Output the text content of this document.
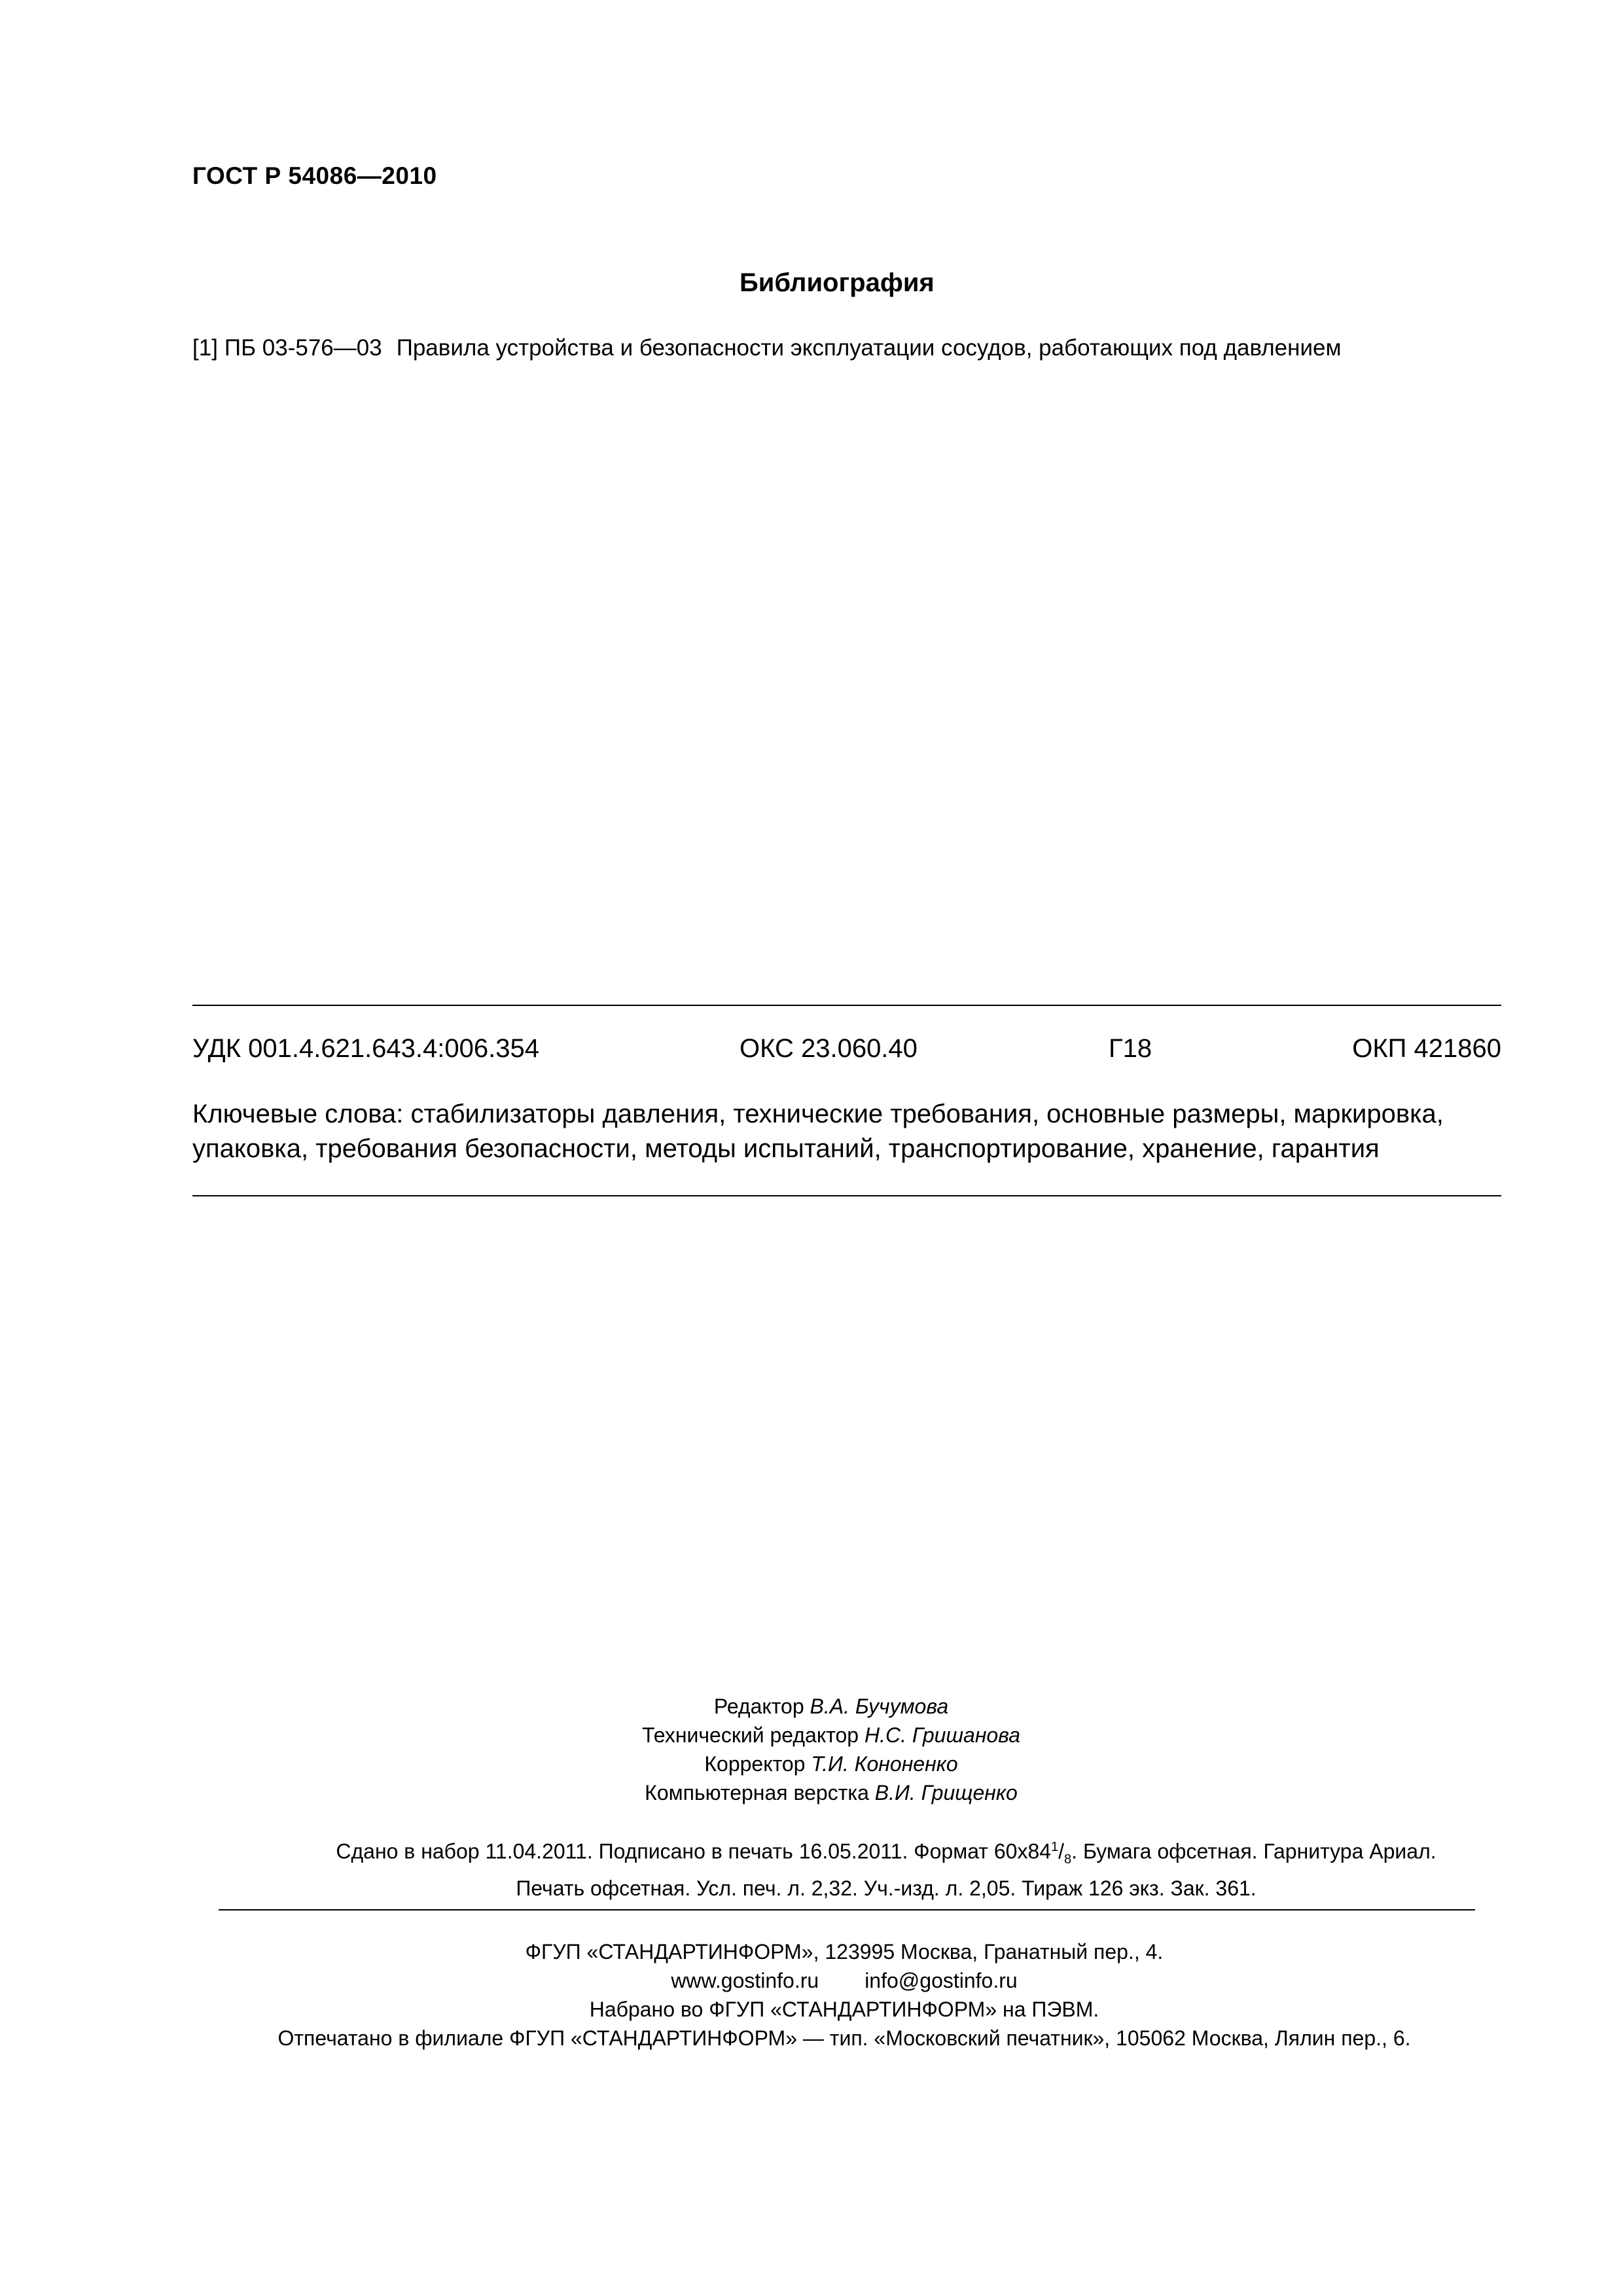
ГОСТ Р 54086—2010
Библиография
[1] ПБ 03-576—03 Правила устройства и безопасности эксплуатации сосудов, работающих под давлением
УДК 001.4.621.643.4:006.354	ОКС 23.060.40	Г18	ОКП 421860
Ключевые слова: стабилизаторы давления, технические требования, основные размеры, маркировка, упаковка, требования безопасности, методы испытаний, транспортирование, хранение, гарантия
Редактор В.А. Бучумова
Технический редактор Н.С. Гришанова
Корректор Т.И. Кононенко
Компьютерная верстка В.И. Грищенко
Сдано в набор 11.04.2011. Подписано в печать 16.05.2011. Формат $60x84^1/_8$. Бумага офсетная. Гарнитура Ариал.
Печать офсетная. Усл. печ. л. 2,32. Уч.-изд. л. 2,05. Тираж 126 экз. Зак. 361.
ФГУП «СТАНДАРТИНФОРМ», 123995 Москва, Гранатный пер., 4.
www.gostinfo.ru info@gostinfo.ru
Набрано во ФГУП «СТАНДАРТИНФОРМ» на ПЭВМ.
Отпечатано в филиале ФГУП «СТАНДАРТИНФОРМ» — тип. «Московский печатник», 105062 Москва, Лялин пер., 6.
